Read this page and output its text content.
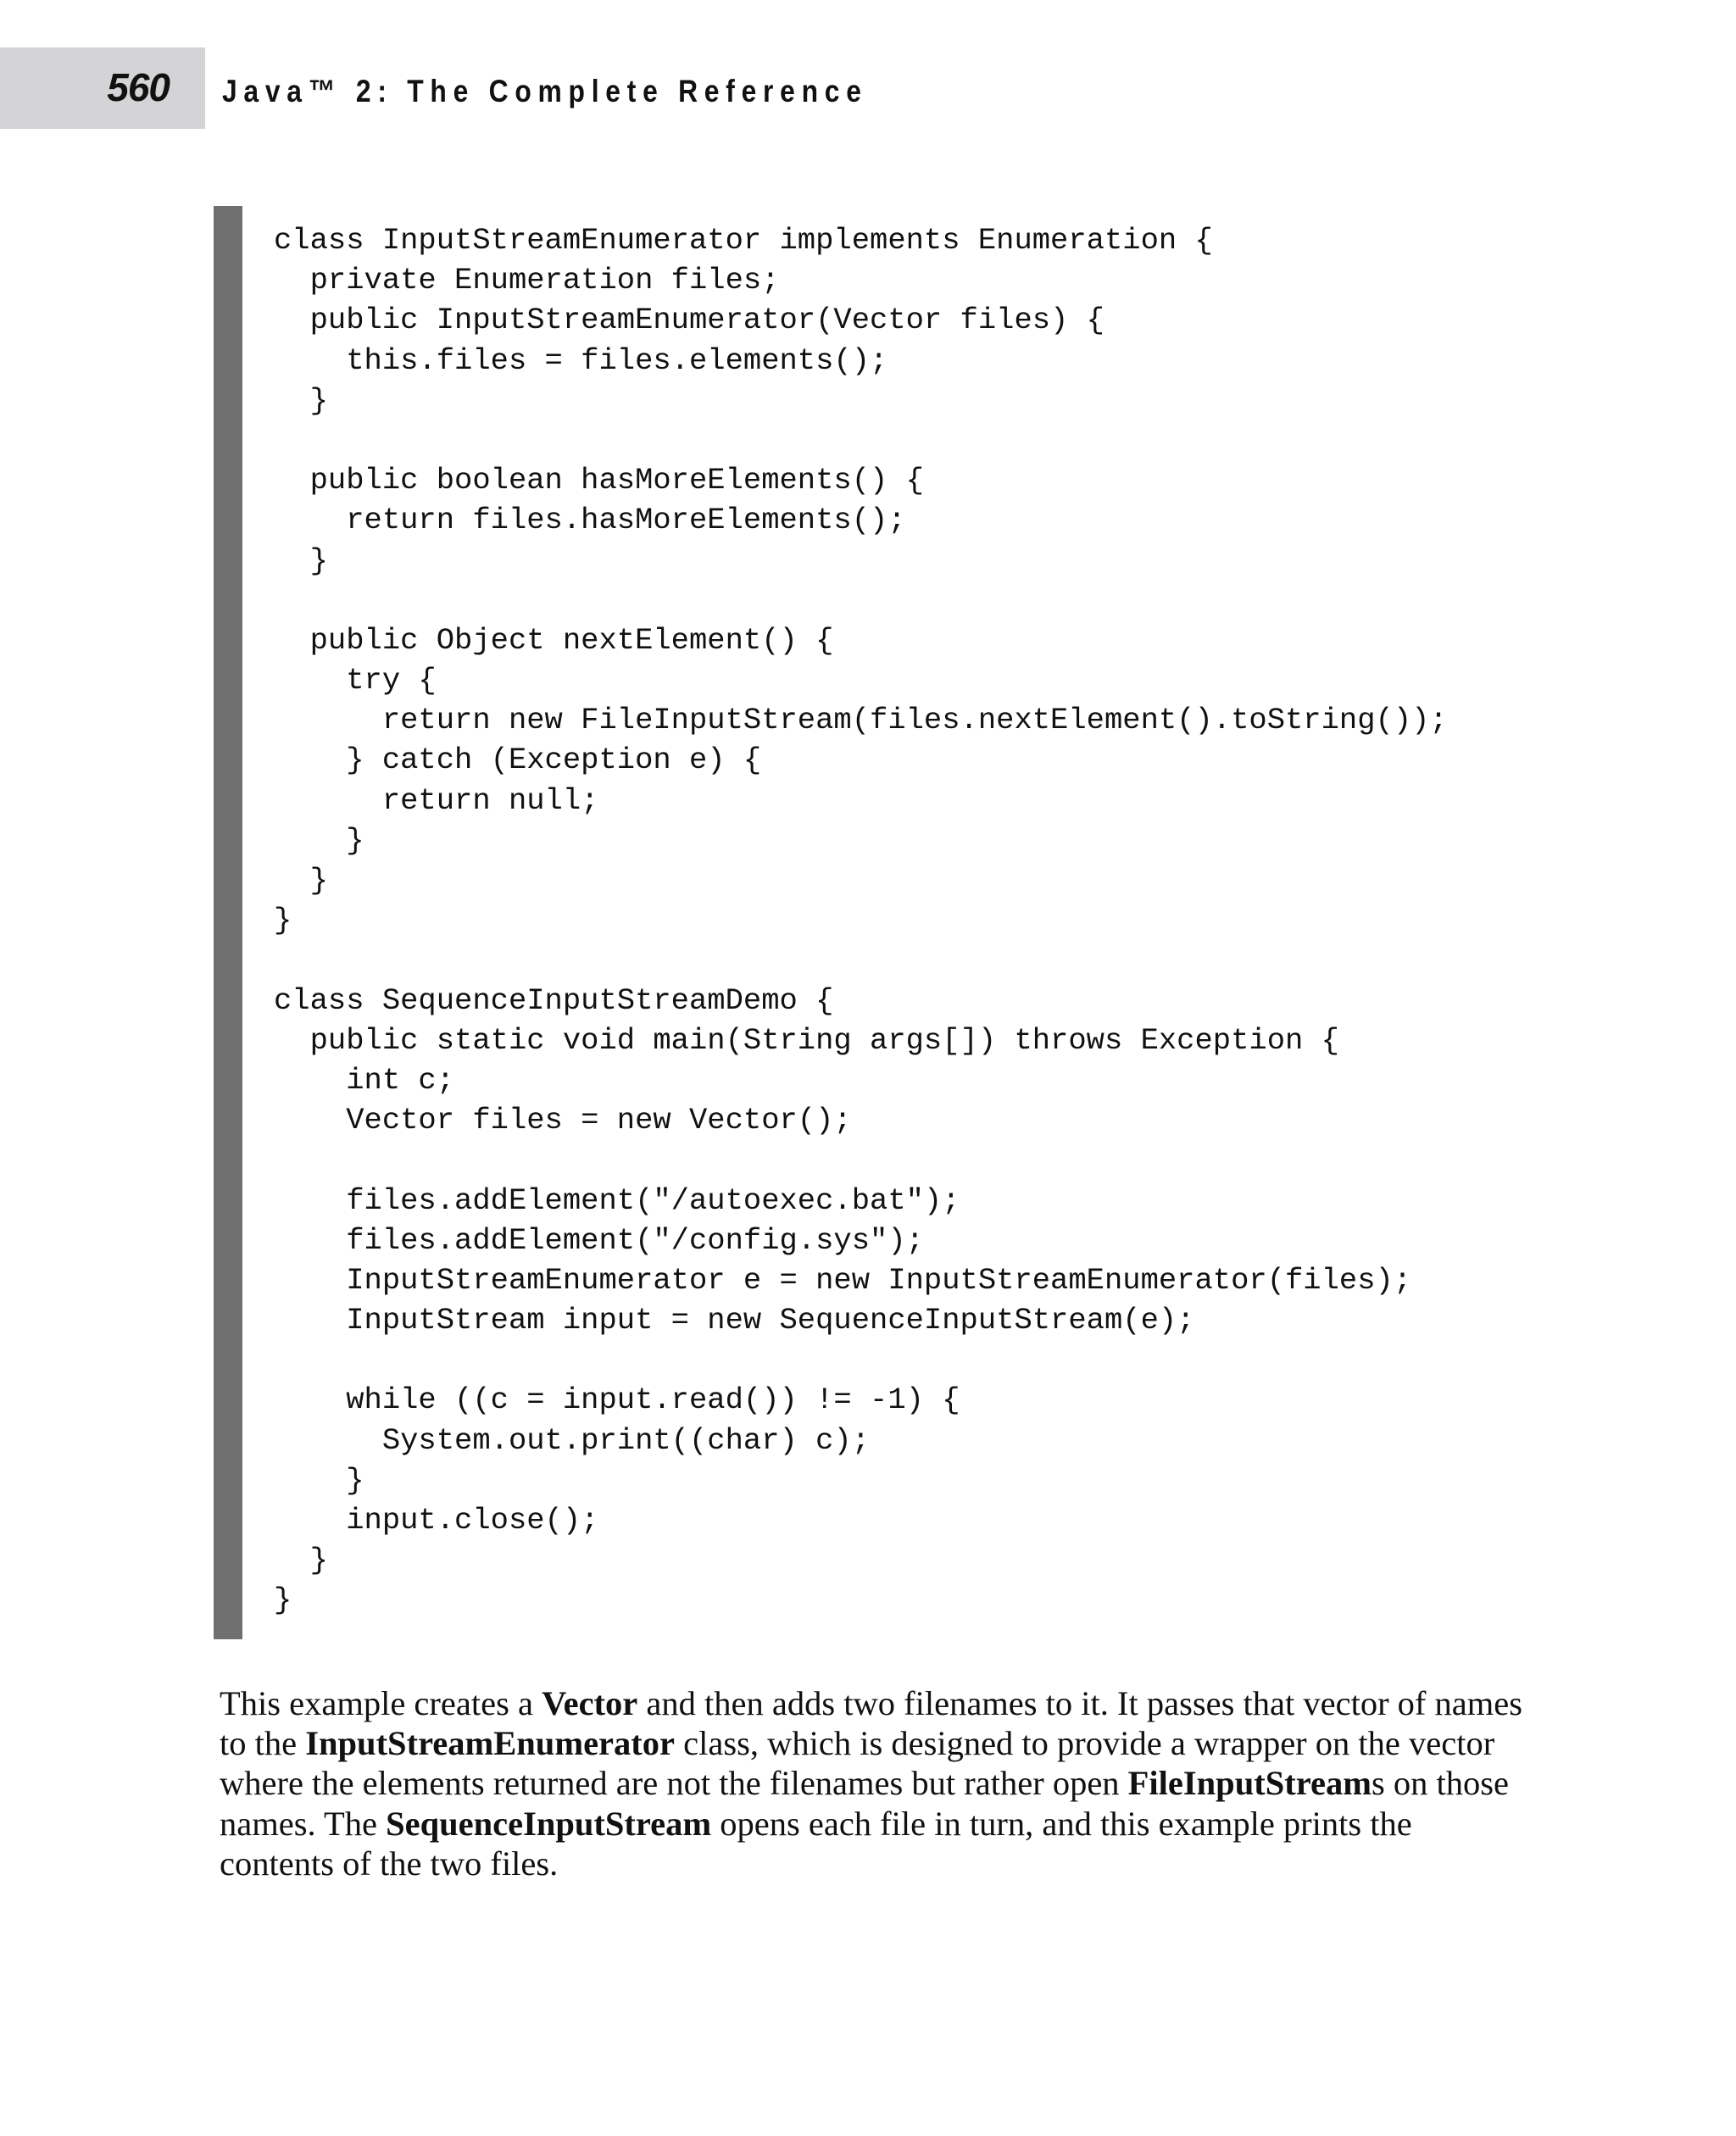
560 Java™ 2: The Complete Reference
class InputStreamEnumerator implements Enumeration {
private Enumeration files;
public InputStreamEnumerator(Vector files) {
this.files = files.elements();
}
public boolean hasMoreElements() {
return files.hasMoreElements();
}
public Object nextElement() {
try {
return new FileInputStream(files.nextElement().toString());
} catch (Exception e) {
return null;
}
}
}
class SequenceInputStreamDemo {
public static void main(String args[]) throws Exception {
int c;
Vector files = new Vector();
files.addElement("/autoexec.bat");
files.addElement("/config.sys");
InputStreamEnumerator e = new InputStreamEnumerator(files);
InputStream input = new SequenceInputStream(e);
while ((c = input.read()) != -1) {
System.out.print((char) c);
}
input.close();
}
}

This example creates a Vector and then adds two filenames to it. It passes that vector of names to the InputStreamEnumerator class, which is designed to provide a wrapper on the vector where the elements returned are not the filenames but rather open FileInputStreams on those names. The SequenceInputStream opens each file in turn, and this example prints the contents of the two files.
